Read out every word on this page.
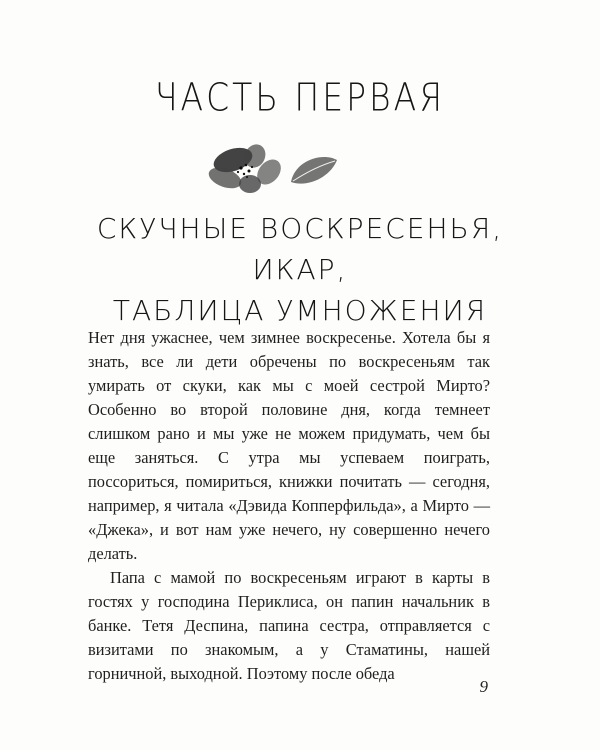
ЧАСТЬ ПЕРВАЯ
СКУЧНЫЕ ВОСКРЕСЕНЬЯ,
ИКАР,
ТАБЛИЦА УМНОЖЕНИЯ

Нет дня ужаснее, чем зимнее воскресенье. Хотела бы я знать, все ли дети обречены по воскресеньям так умирать от скуки, как мы с моей сестрой Мирто? Особенно во второй половине дня, когда темнеет слишком рано и мы уже не можем придумать, чем бы еще заняться. С утра мы успеваем поиграть, поссориться, помириться, книжки почитать — сегодня, например, я читала «Дэвида Копперфильда», а Мирто — «Джека», и вот нам уже нечего, ну совершенно нечего делать.

Папа с мамой по воскресеньям играют в карты в гостях у господина Периклиса, он папин начальник в банке. Тетя Деспина, папина сестра, отправляется с визитами по знакомым, а у Стаматины, нашей горничной, выходной. Поэтому после обеда

9
